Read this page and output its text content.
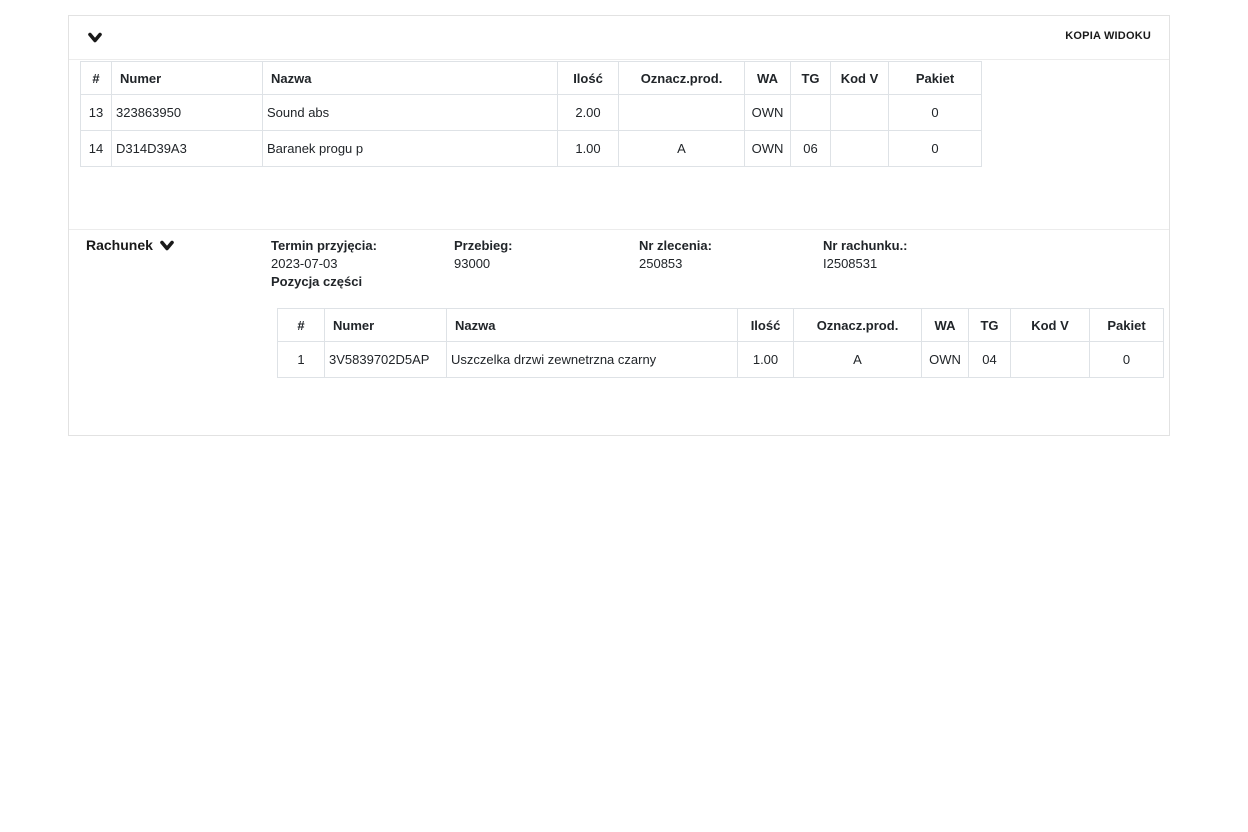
KOPIA WIDOKU
#	Numer	Nazwa	Ilość	Oznacz.prod.	WA	TG	Kod V	Pakiet
13	323863950	Sound abs	2.00		OWN			0
14	D314D39A3	Baranek progu p	1.00	A	OWN	06		0
Rachunek	Termin przyjęcia:
2023-07-03
Pozycja części
Przebieg:
93000
Nr zlecenia:
250853
Nr rachunku.:
I2508531
#	Numer	Nazwa	Ilość	Oznacz.prod.	WA	TG	Kod V	Pakiet
1	3V5839702D5AP	Uszczelka drzwi zewnetrzna czarny	1.00	A	OWN	04		0
